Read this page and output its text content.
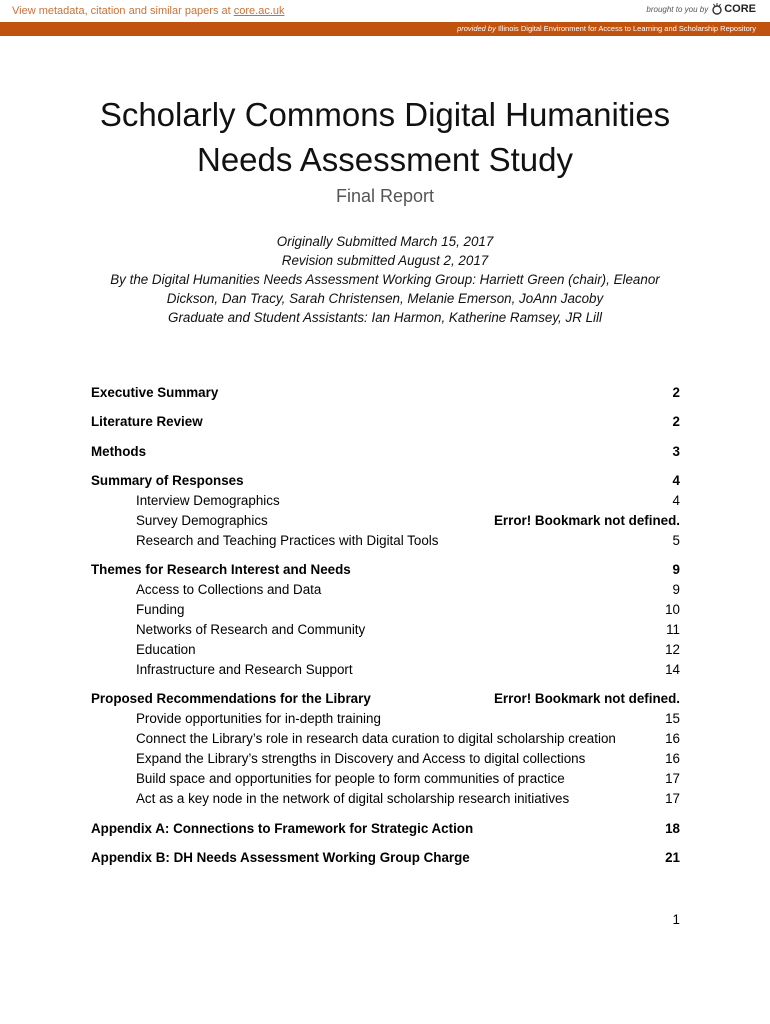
View metadata, citation and similar papers at core.ac.uk	brought to you by CORE
provided by Illinois Digital Environment for Access to Learning and Scholarship Repository
Scholarly Commons Digital Humanities
Needs Assessment Study
Final Report
Originally Submitted March 15, 2017
Revision submitted August 2, 2017
By the Digital Humanities Needs Assessment Working Group: Harriett Green (chair), Eleanor
Dickson, Dan Tracy, Sarah Christensen, Melanie Emerson, JoAnn Jacoby
Graduate and Student Assistants: Ian Harmon, Katherine Ramsey, JR Lill
Executive Summary	2
Literature Review	2
Methods	3
Summary of Responses	4
Interview Demographics	4
Survey Demographics	Error! Bookmark not defined.
Research and Teaching Practices with Digital Tools	5
Themes for Research Interest and Needs	9
Access to Collections and Data	9
Funding	10
Networks of Research and Community	11
Education	12
Infrastructure and Research Support	14
Proposed Recommendations for the Library	Error! Bookmark not defined.
Provide opportunities for in-depth training	15
Connect the Library’s role in research data curation to digital scholarship creation	16
Expand the Library’s strengths in Discovery and Access to digital collections	16
Build space and opportunities for people to form communities of practice	17
Act as a key node in the network of digital scholarship research initiatives	17
Appendix A: Connections to Framework for Strategic Action	18
Appendix B: DH Needs Assessment Working Group Charge	21
1
